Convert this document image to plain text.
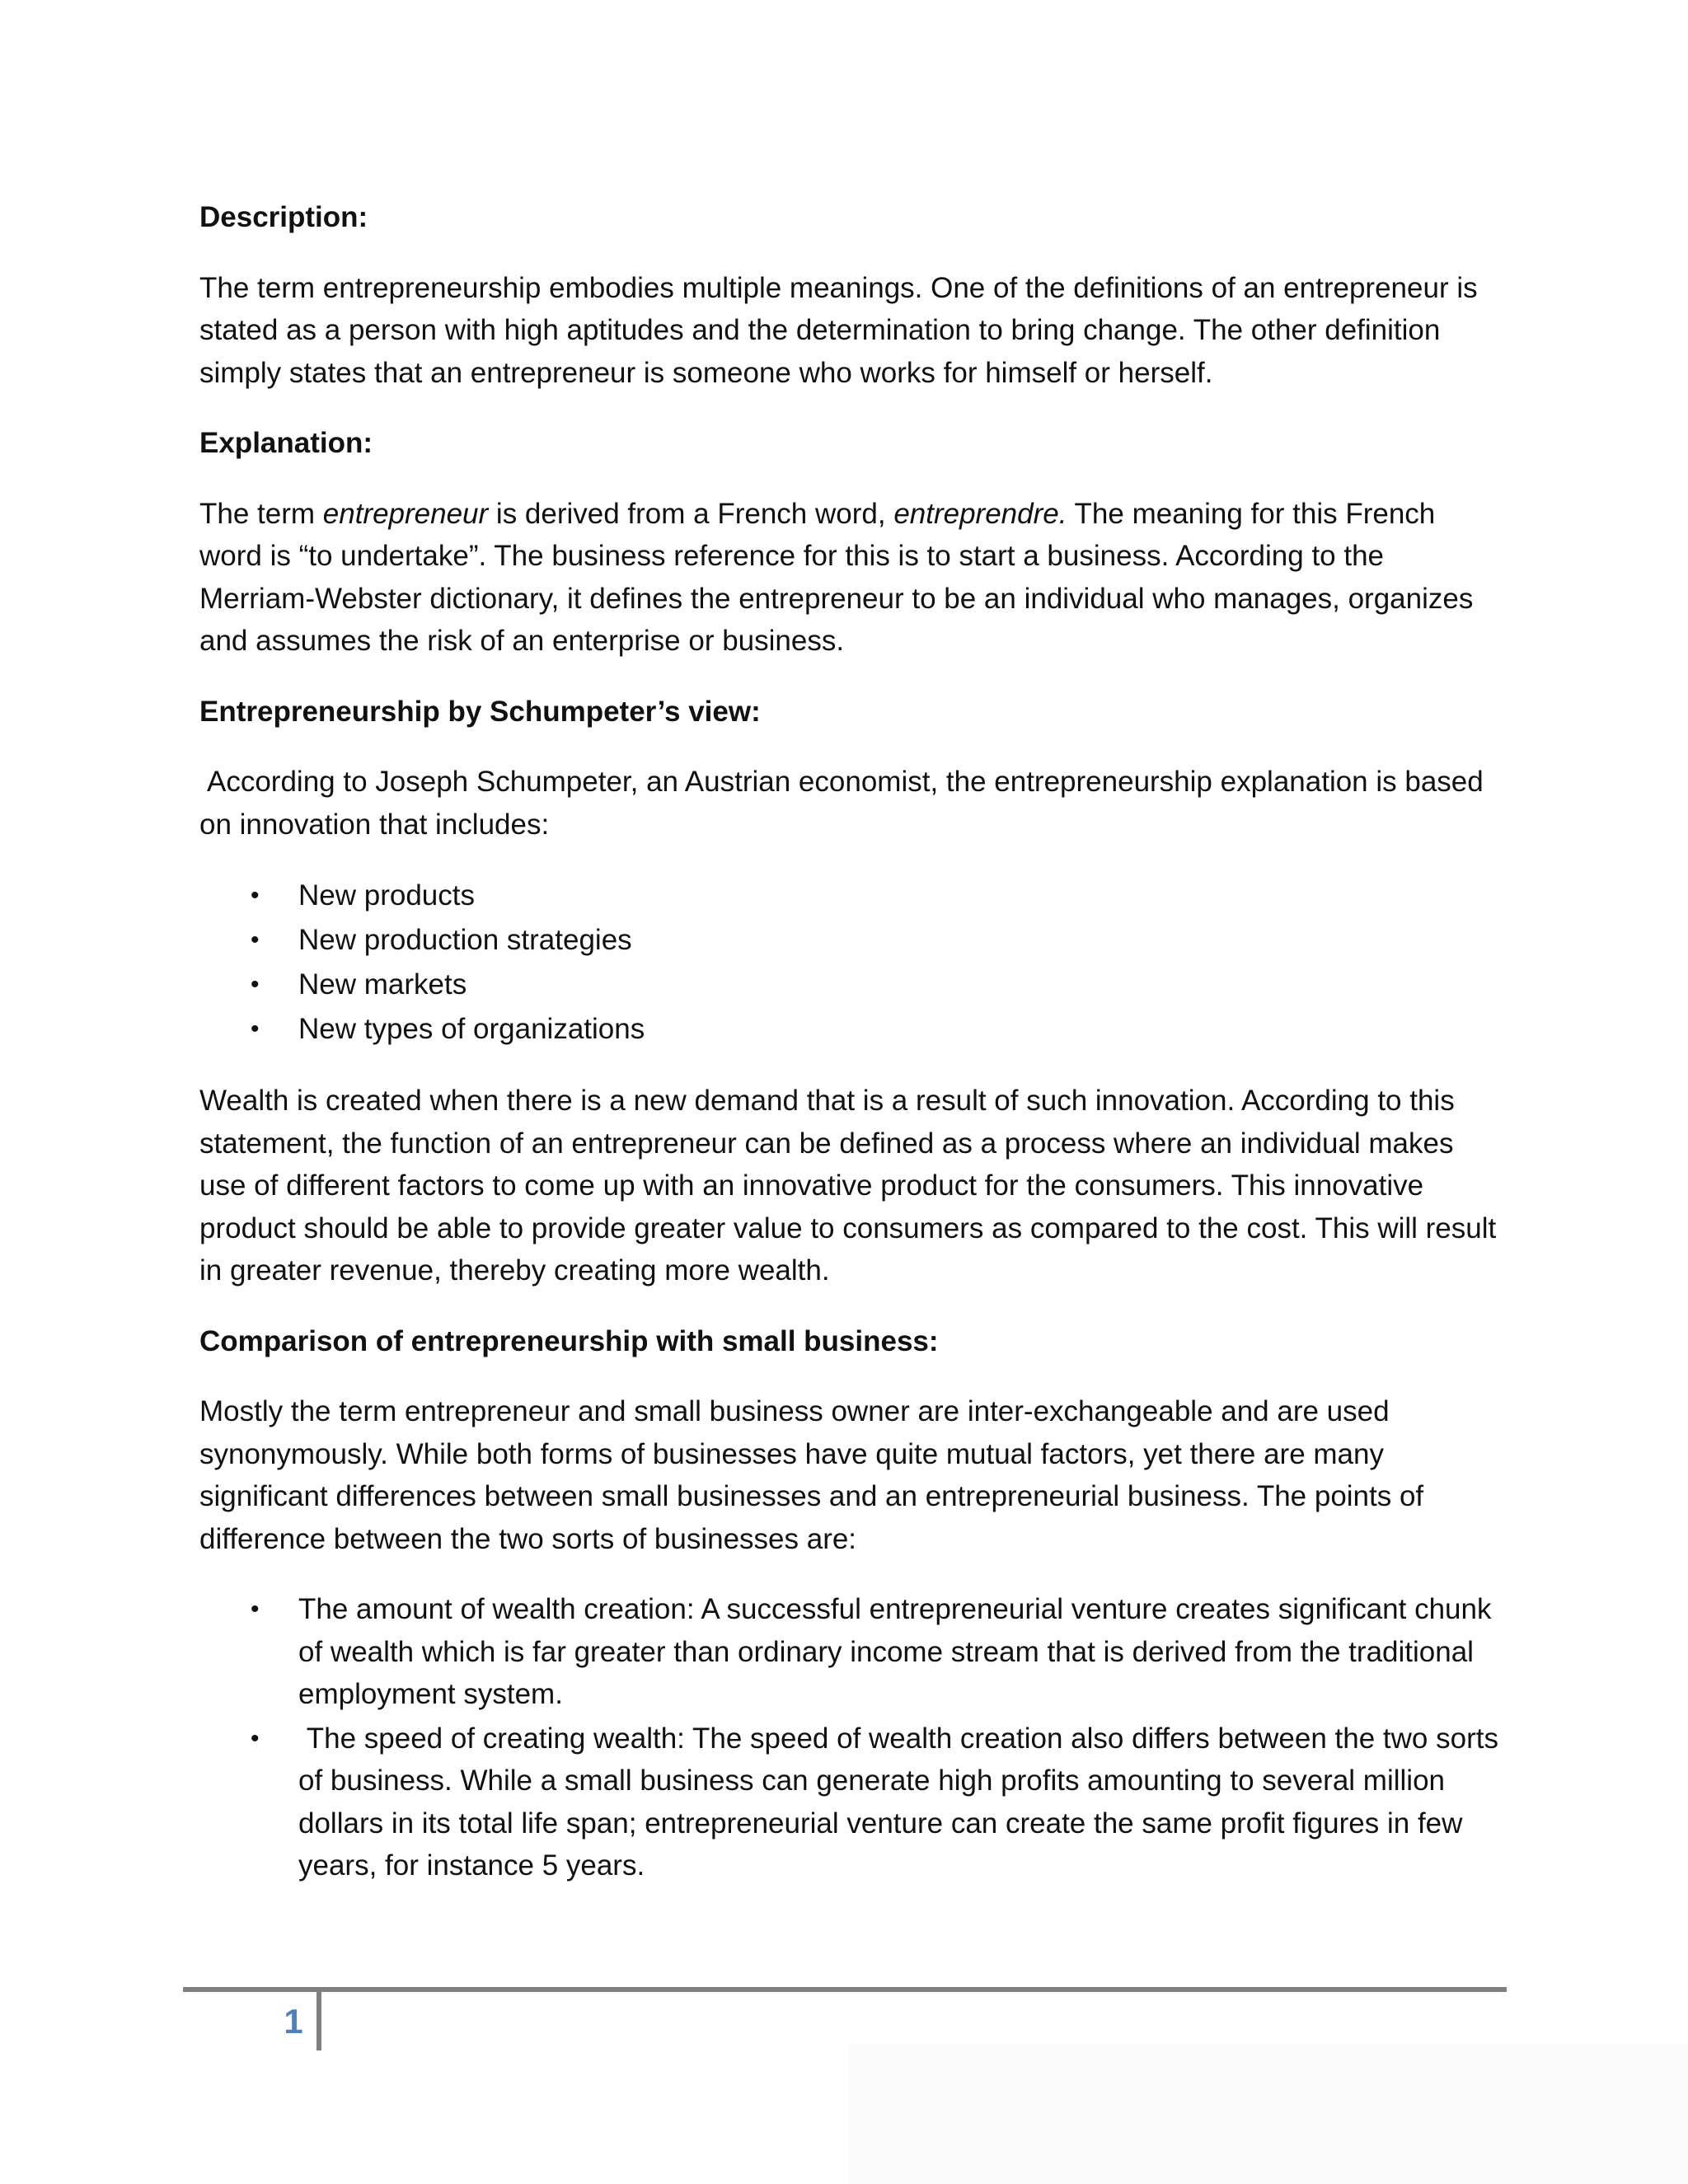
Description:
The term entrepreneurship embodies multiple meanings. One of the definitions of an entrepreneur is stated as a person with high aptitudes and the determination to bring change. The other definition simply states that an entrepreneur is someone who works for himself or herself.
Explanation:
The term entrepreneur is derived from a French word, entreprendre. The meaning for this French word is “to undertake”. The business reference for this is to start a business. According to the Merriam-Webster dictionary, it defines the entrepreneur to be an individual who manages, organizes and assumes the risk of an enterprise or business.
Entrepreneurship by Schumpeter’s view:
According to Joseph Schumpeter, an Austrian economist, the entrepreneurship explanation is based on innovation that includes:
• New products
• New production strategies
• New markets
• New types of organizations
Wealth is created when there is a new demand that is a result of such innovation. According to this statement, the function of an entrepreneur can be defined as a process where an individual makes use of different factors to come up with an innovative product for the consumers. This innovative product should be able to provide greater value to consumers as compared to the cost. This will result in greater revenue, thereby creating more wealth.
Comparison of entrepreneurship with small business:
Mostly the term entrepreneur and small business owner are inter-exchangeable and are used synonymously. While both forms of businesses have quite mutual factors, yet there are many significant differences between small businesses and an entrepreneurial business. The points of difference between the two sorts of businesses are:
• The amount of wealth creation: A successful entrepreneurial venture creates significant chunk of wealth which is far greater than ordinary income stream that is derived from the traditional employment system.
• The speed of creating wealth: The speed of wealth creation also differs between the two sorts of business. While a small business can generate high profits amounting to several million dollars in its total life span; entrepreneurial venture can create the same profit figures in few years, for instance 5 years.
1
